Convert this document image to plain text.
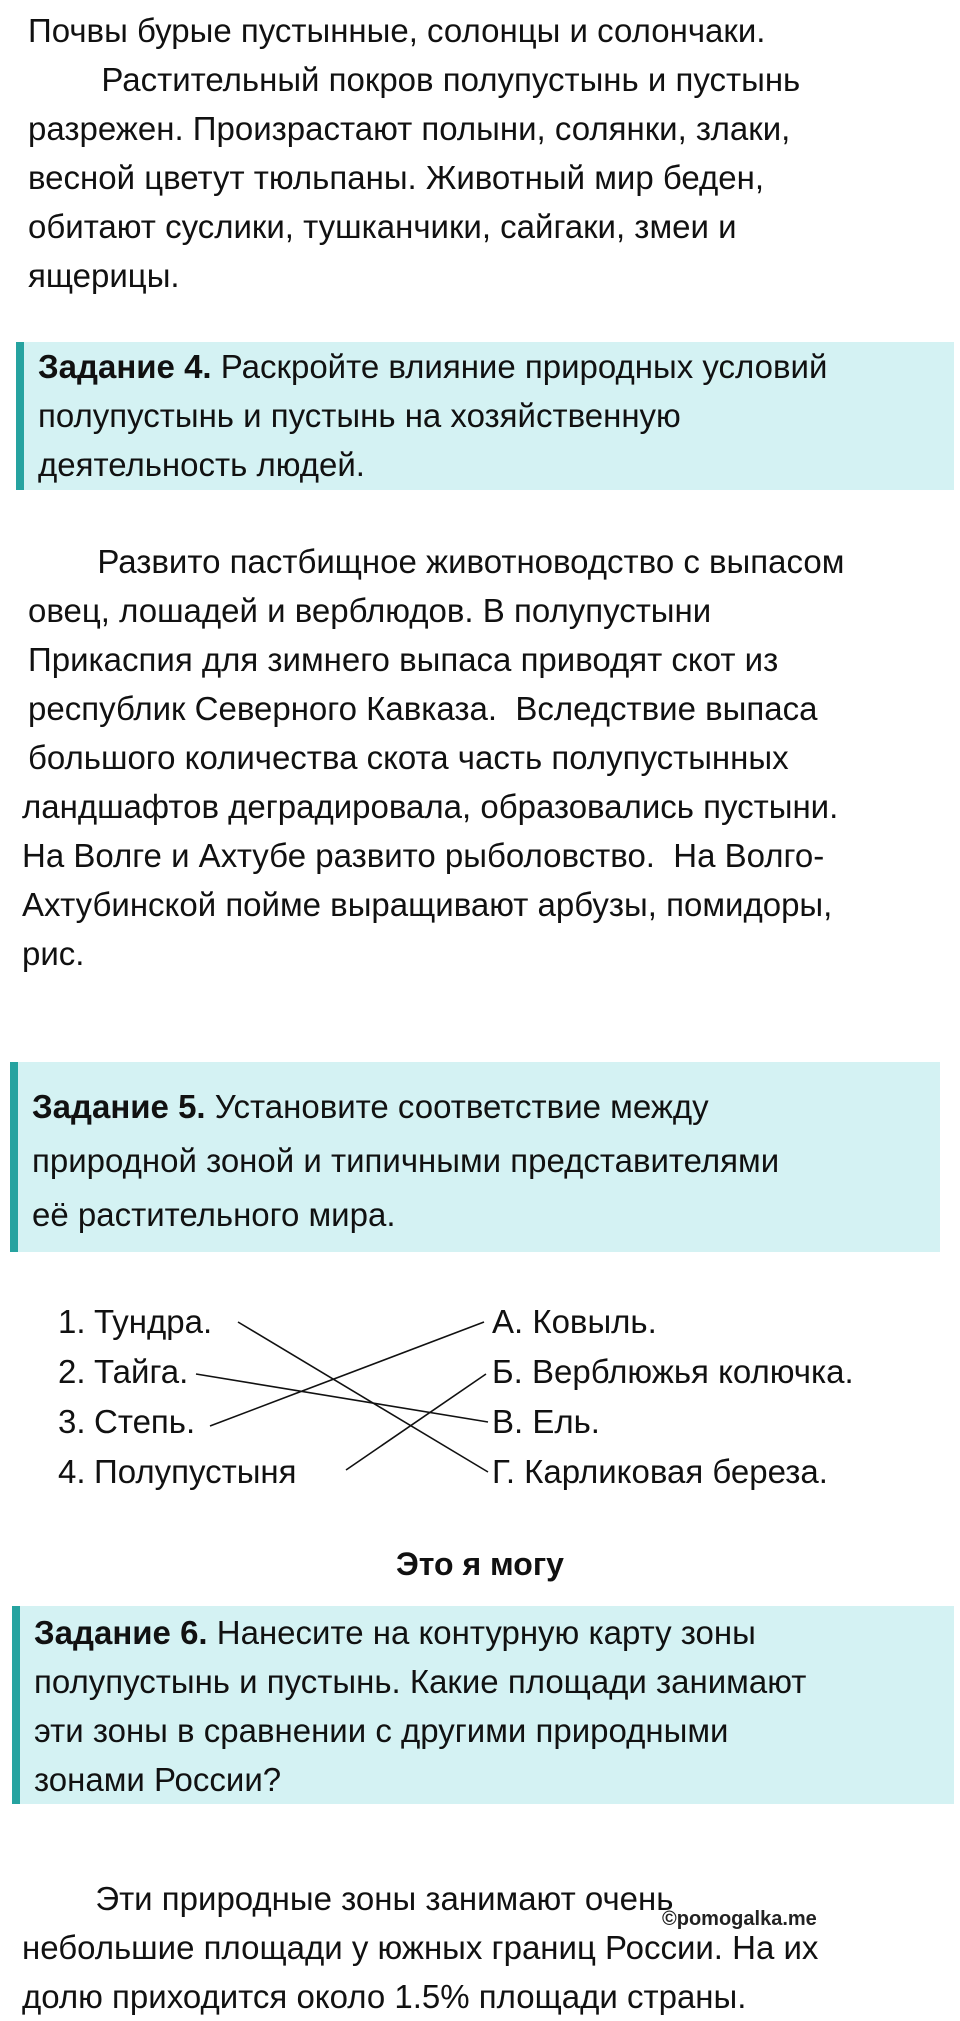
Почвы бурые пустынные, солонцы и солончаки.
Растительный покров полупустынь и пустынь
разрежен. Произрастают полыни, солянки, злаки,
весной цветут тюльпаны. Животный мир беден,
обитают суслики, тушканчики, сайгаки, змеи и
ящерицы.
Задание 4. Раскройте влияние природных условий
полупустынь и пустынь на хозяйственную
деятельность людей.
Развито пастбищное животноводство с выпасом
овец, лошадей и верблюдов. В полупустыни
Прикаспия для зимнего выпаса приводят скот из
республик Северного Кавказа.  Вследствие выпаса
большого количества скота часть полупустынных
ландшафтов деградировала, образовались пустыни.
На Волге и Ахтубе развито рыболовство.  На Волго-
Ахтубинской пойме выращивают арбузы, помидоры,
рис.
Задание 5. Установите соответствие между
природной зоной и типичными представителями
её растительного мира.
1. Тундра.
2. Тайга.
3. Степь.
4. Полупустыня
А. Ковыль.
Б. Верблюжья колючка.
В. Ель.
Г. Карликовая береза.
Это я могу
Задание 6. Нанесите на контурную карту зоны
полупустынь и пустынь. Какие площади занимают
эти зоны в сравнении с другими природными
зонами России?
Эти природные зоны занимают очень
небольшие площади у южных границ России. На их
долю приходится около 1.5% площади страны.
©pomogalka.me
